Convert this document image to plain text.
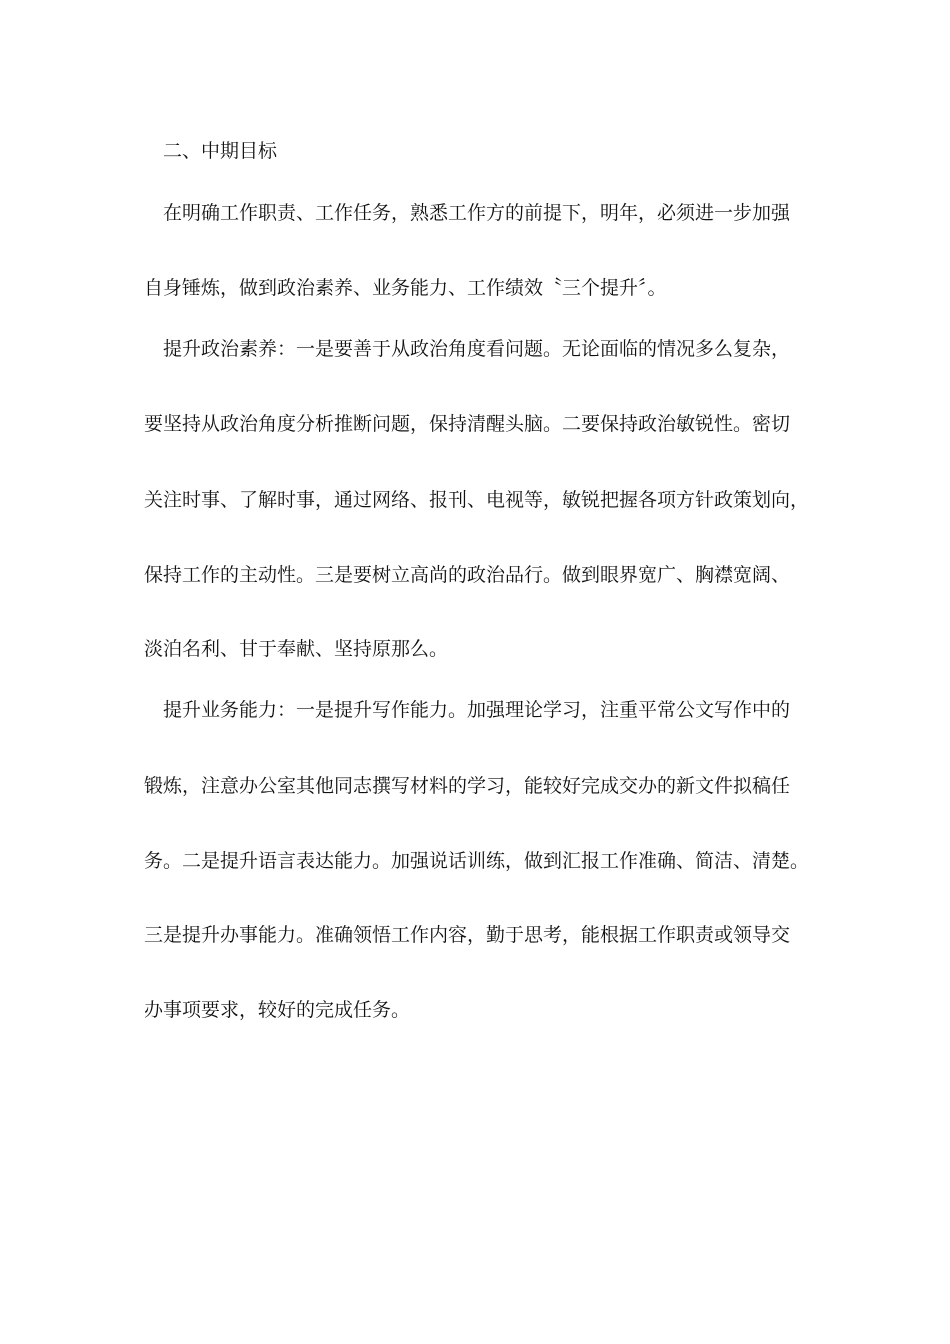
二、中期目标
在明确工作职责、工作任务，熟悉工作方的前提下，明年，必须进一步加强
自身锤炼，做到政治素养、业务能力、工作绩效〝三个提升〞。
提升政治素养：一是要善于从政治角度看问题。无论面临的情况多么复杂，
要坚持从政治角度分析推断问题，保持清醒头脑。二要保持政治敏锐性。密切
关注时事、了解时事，通过网络、报刊、电视等，敏锐把握各项方针政策划向，
保持工作的主动性。三是要树立高尚的政治品行。做到眼界宽广、胸襟宽阔、
淡泊名利、甘于奉献、坚持原那么。
提升业务能力：一是提升写作能力。加强理论学习，注重平常公文写作中的
锻炼，注意办公室其他同志撰写材料的学习，能较好完成交办的新文件拟稿任
务。二是提升语言表达能力。加强说话训练，做到汇报工作准确、简洁、清楚。
三是提升办事能力。准确领悟工作内容，勤于思考，能根据工作职责或领导交
办事项要求，较好的完成任务。
